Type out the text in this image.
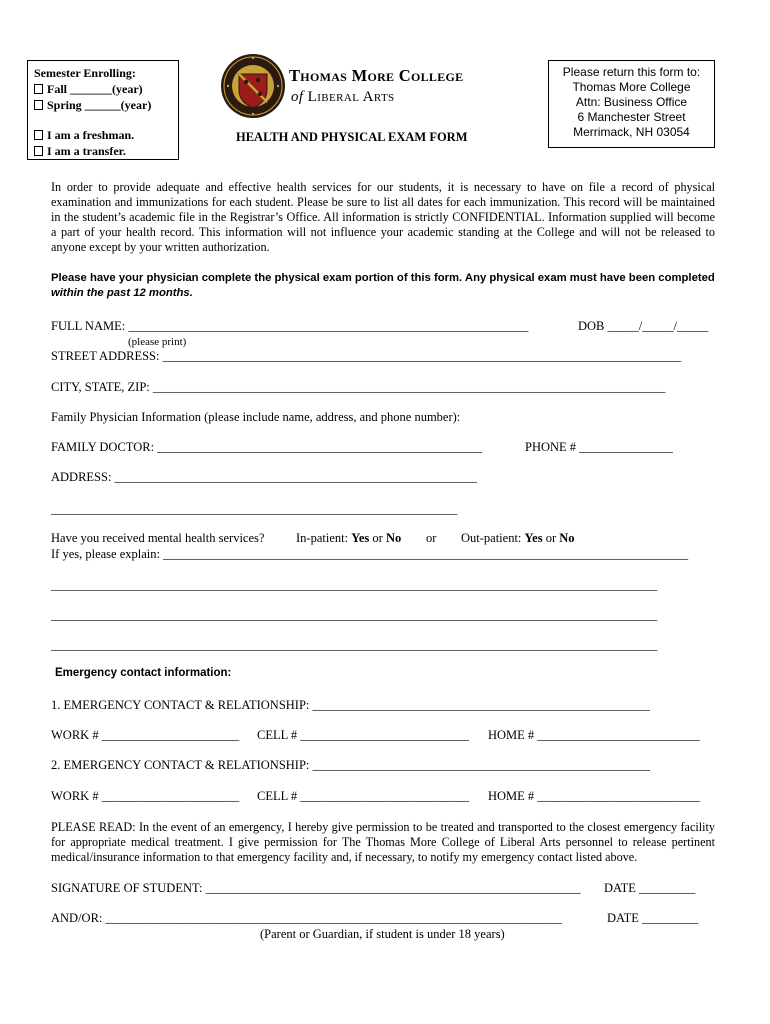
Semester Enrolling:
Fall _______(year)
Spring ______(year)
I am a freshman.
I am a transfer.
Thomas More College
of Liberal Arts
HEALTH AND PHYSICAL EXAM FORM
Please return this form to:
Thomas More College
Attn: Business Office
6 Manchester Street
Merrimack, NH 03054
In order to provide adequate and effective health services for our students, it is necessary to have on file a record of physical examination and immunizations for each student. Please be sure to list all dates for each immunization. This record will be maintained in the student’s academic file in the Registrar’s Office. All information is strictly CONFIDENTIAL. Information supplied will become a part of your health record. This information will not influence your academic standing at the College and will not be released to anyone except by your written authorization.
Please have your physician complete the physical exam portion of this form. Any physical exam must have been completed
within the past 12 months.
FULL NAME: ________________________________________________________________	DOB _____/_____/_____
(please print)
STREET ADDRESS: ___________________________________________________________________________________
CITY, STATE, ZIP: __________________________________________________________________________________
Family Physician Information (please include name, address, and phone number):
FAMILY DOCTOR: ____________________________________________________	PHONE # _______________
ADDRESS: __________________________________________________________
_________________________________________________________________
Have you received mental health services?	In-patient: Yes or No or Out-patient: Yes or No
If yes, please explain: ____________________________________________________________________________________
_________________________________________________________________________________________________
_________________________________________________________________________________________________
_________________________________________________________________________________________________
Emergency contact information:
1. EMERGENCY CONTACT & RELATIONSHIP: ______________________________________________________
WORK # ______________________ CELL # ___________________________ HOME # __________________________
2. EMERGENCY CONTACT & RELATIONSHIP: ______________________________________________________
WORK # ______________________ CELL # ___________________________ HOME # __________________________
PLEASE READ: In the event of an emergency, I hereby give permission to be treated and transported to the closest emergency facility for appropriate medical treatment. I give permission for The Thomas More College of Liberal Arts personnel to release pertinent medical/insurance information to that emergency facility and, if necessary, to notify my emergency contact listed above.
SIGNATURE OF STUDENT: ____________________________________________________________ DATE _________
AND/OR: _________________________________________________________________________	DATE _________
(Parent or Guardian, if student is under 18 years)
